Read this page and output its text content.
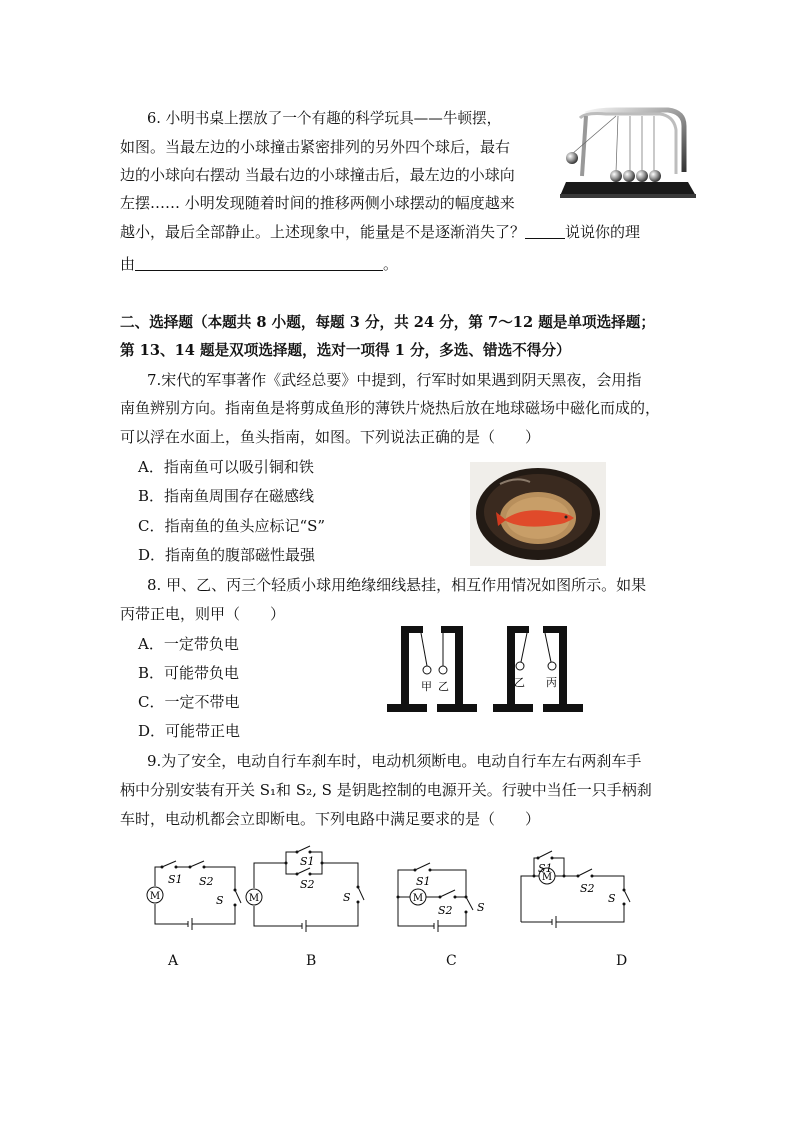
6. 小明书桌上摆放了一个有趣的科学玩具——牛顿摆，
如图。当最左边的小球撞击紧密排列的另外四个球后，最右
边的小球向右摆动 当最右边的小球撞击后，最左边的小球向
左摆…… 小明发现随着时间的推移两侧小球摆动的幅度越来
越小，最后全部静止。上述现象中，能量是不是逐渐消失了？	说说你的理
由	。
二、选择题（本题共 8 小题，每题 3 分，共 24 分，第 7～12 题是单项选择题；
第 13、14 题是双项选择题，选对一项得 1 分，多选、错选不得分）
7.宋代的军事著作《武经总要》中提到，行军时如果遇到阴天黑夜，会用指
南鱼辨别方向。指南鱼是将剪成鱼形的薄铁片烧热后放在地球磁场中磁化而成的，
可以浮在水面上，鱼头指南，如图。下列说法正确的是（　　）
A．指南鱼可以吸引铜和铁
B．指南鱼周围存在磁感线
C．指南鱼的鱼头应标记“S”
D．指南鱼的腹部磁性最强
8. 甲、乙、丙三个轻质小球用绝缘细线悬挂，相互作用情况如图所示。如果
丙带正电，则甲（　　）
A．一定带负电
B．可能带负电
C．一定不带电
D．可能带正电
甲 乙	乙 丙
9.为了安全，电动自行车刹车时，电动机须断电。电动自行车左右两刹车手
柄中分别安装有开关 S₁和 S₂, S 是钥匙控制的电源开关。行驶中当任一只手柄刹
车时，电动机都会立即断电。下列电路中满足要求的是（　　）
M
S1 S2
S	M
S1
S2
S	M
S1
S2 S
M
S1
S2
S
A	B	C	D
